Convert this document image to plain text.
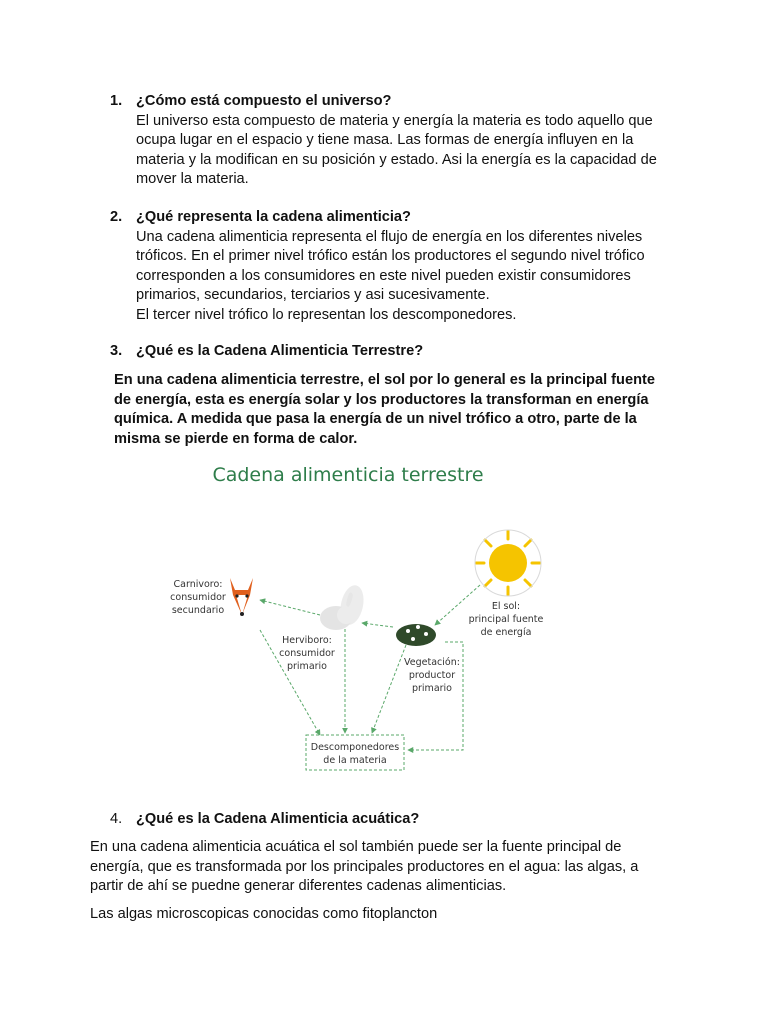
1. ¿Cómo está compuesto el universo?

El universo esta compuesto de materia y energía la materia es todo aquello que

ocupa lugar en el espacio y tiene masa. Las formas de energía influyen en la

materia y la modifican en su posición y estado. Asi la energía es la capacidad de

mover la materia.

2. ¿Qué representa la cadena alimenticia?

Una cadena alimenticia representa el flujo de energía en los diferentes niveles

tróficos. En el primer nivel trófico están los productores el segundo nivel trófico

corresponden a los consumidores en este nivel pueden existir consumidores

primarios, secundarios, terciarios y asi sucesivamente.

El tercer nivel trófico lo representan los descomponedores.

3. ¿Qué es la Cadena Alimenticia Terrestre?
En una cadena alimenticia terrestre, el sol por lo general es la principal fuente
de energía, esta es energía solar y los productores la transforman en energía
química. A medida que pasa la energía de un nivel trófico a otro, parte de la
misma se pierde en forma de calor.
Cadena alimenticia terrestre
Carnivoro:
consumidor
secundario
Herviboro:
consumidor
primario	Vegetación:
productor
primario
El sol:
principal fuente
de energía
Descomponedores
de la materia
4. ¿Qué es la Cadena Alimenticia acuática?
En una cadena alimenticia acuática el sol también puede ser la fuente principal de
energía, que es transformada por los principales productores en el agua: las algas, a
partir de ahí se puedne generar diferentes cadenas alimenticias.
Las algas microscopicas conocidas como fitoplancton
